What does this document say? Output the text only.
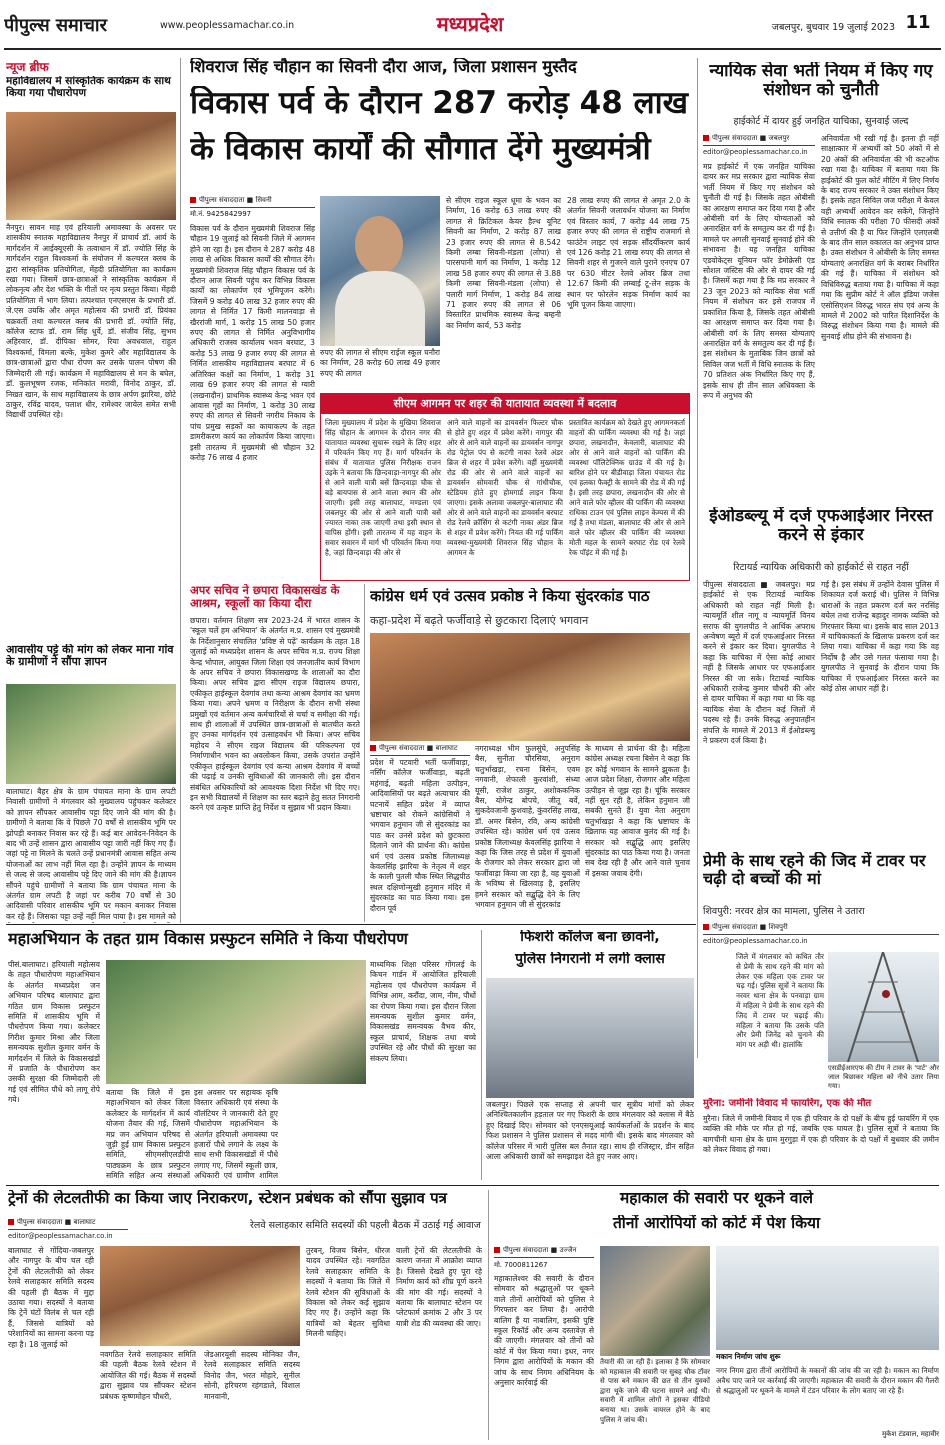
पीपुल्स समाचार	www.peoplessamachar.co.in	मध्यप्रदेश	जबलपुर, बुधवार 19 जुलाई 2023 11
न्यूज ब्रीफ
महाविद्यालय में सांस्कृतिक कार्यक्रम के साथ किया गया पौधारोपण
नैनपुर। सावन माह एवं हरियाली अमावस्या के अवसर पर शासकीय स्नातक महाविद्यालय नैनपुर में प्राचार्य डॉ. आर्य के मार्गदर्शन में आईक्यूएसी के तत्वाधान में डॉ. ज्योति सिंह के मार्गदर्शन राहुल विश्वकर्मा के संयोजन में कल्चरल क्लब के द्वारा सांस्कृतिक प्रतियोगिता, मेंहदी प्रतियोगिता का कार्यक्रम रखा गया। जिसमें छात्र-छात्राओं ने सांस्कृतिक कार्यक्रम में लोकनृत्य और देश भक्ति के गीतों पर नृत्य प्रस्तुत किया। मेंहदी प्रतियोगिता में भाग लिया। तत्पश्चात एनएसएस के प्रभारी डॉ. जे.एस उयकि और अमृत महोत्सव की प्रभारी डॉ. प्रियंका चक्रवर्ती तथा कल्चरल क्लब की प्रभारी डॉ. ज्योति सिंह, कॉलेज स्टाफ डॉ. राम सिंह धुर्वे, डॉ. संजीव सिंह, सुभम अहिरवार, डॉ. दीपिका सोमर, रिया अवधवाल, राहुल विश्वकर्मा, विमला बल्के, मुकेश कुमरे और महाविद्यालय के छात्र-छात्राओं द्वारा पौधा रोपण कर उसके पालन पोषण की जिम्मेदारी ली गई। कार्यक्रम में महाविद्यालय से मन के बघेल, डॉ. कुलभूषण रजक, मनिकांत मरावी, विनोद ठाकुर, डॉ. निखत खान, के साथ महाविद्यालय के छात्र अर्पण झारिया, छोटे ठाकुर, रविंद्र यादव, पलाश धीर, रामेश्वर जायेल समेत सभी विद्यार्थी उपस्थित रहे।
आवासीय पट्टे की मांग को लेकर माना गांव के ग्रामीणों ने सौंपा ज्ञापन
बालाघाट। बैहर क्षेत्र के ग्राम पंचायत माना के ग्राम लपटी निवासी ग्रामीणों ने मंगलवार को मुख्यालय पहुंचकर कलेक्टर को ज्ञापन सौंपकर आवासीय पट्टा दिए जाने की मांग की है। ग्रामीणों ने बताया कि वे पिछले 70 वर्षों से शासकीय भूमि पर झोपड़ी बनाकर निवास कर रहे हैं। कई बार आवेदन-निवेदन के बाद भी उन्हें शासन द्वारा आवासीय पट्टा जारी नहीं किए गए हैं। जहां पट्टे ना मिलने के चलते उन्हें प्रधानमंत्री आवास सहित अन्य योजनाओं का लाभ नहीं मिल रहा है। उन्होंने ज्ञापन के माध्यम से जल्द से जल्द आवासीय पट्टे दिए जाने की मांग की है।ज्ञापन सौंपने पहुंचे ग्रामीणों ने बताया कि ग्राम पंचायत माना के अंतर्गत ग्राम लपटी है जहां पर करीब 70 वर्षों से 30 आदिवासी परिवार शासकीय भूमि पर मकान बनाकर निवास कर रहे हैं। जिसका पट्टा उन्हें नहीं मिल पाया है। इस मामले को
शिवराज सिंह चौहान का सिवनी दौरा आज, जिला प्रशासन मुस्तैद
विकास पर्व के दौरान 287 करोड़ 48 लाख
के विकास कार्यों की सौगात देंगे मुख्यमंत्री
पीपुल्स संवाददाता ■ सिवनी
मो.नं. 9425842997
विकास पर्व के दौरान मुख्यमंत्री शिवराज सिंह चौहान 19 जुलाई को सिवनी जिले में आगमन होने जा रहा है। इस दौरान वे 287 करोड़ 48 लाख से अधिक विकास कार्यों की सौगात देंगे। मुख्यमंत्री शिवराज सिंह चौहान विकास पर्व के दौरान आज सिवनी पहुंच कर विभिन्न विकास कार्यों का लोकार्पण एवं भूमिपूजन करेंगे। जिसमें 9 करोड़ 40 लाख 32 हजार रुपए की लागत से निर्मित 17 किमी मालनवाड़ा से खैररांजी मार्ग, 1 करोड़ 15 लाख 50 हजार रुपए की लागत से निर्मित अनुविभागीय अधिकारी राजस्व कार्यालय भवन बरघाट, 3 करोड़ 53 लाख 9 हजार रुपए की लागत से निर्मित शासकीय महाविद्यालय बरघाट में 6 अतिरिक्त कक्षों का निर्माण, 1 करोड़ 31 लाख 69 हजार रुपए की लागत से ग्यारी (लखनादौन) प्राथमिक स्वास्थ्य केन्द्र भवन एवं आवास गृहों का निर्माण, 1 करोड़ 30 लाख रुपए की लागत से सिवनी नगरीय निकाय के पांच प्रमुख सड़कों का कायाकल्प के तहत डामरीकरण कार्य का लोकार्पण किया जाएगा। इसी तारतम्य में मुख्यमंत्री श्री चौहान 32 करोड़ 76 लाख 4 हजार
रुपए की लागत से सीएम राईज स्कूल घनौरा का निर्माण, 28 करोड़ 60 लाख 49 हजार रुपए की लागत
से सीएम राइज स्कूल धूमा के भवन का निर्माण, 16 करोड़ 63 लाख रुपए की लागत से क्रिटिकल केयर हैल्थ यूनिट सिवनी का निर्माण, 2 करोड़ 87 लाख 23 हजार रुपए की लागत से 8.542 किमी लम्बा सिवनी-मंडला (लोपा) से पारसपानी मार्ग का निर्माण, 1 करोड़ 12 लाख 58 हजार रुपए की लागत से 3.88 किमी लम्बा सिवनी-मंडला (लोपा) से पलारी मार्ग निर्माण, 1 करोड़ 84 लाख 71 हजार रुपए की लागत से 06 विस्तारित प्राथमिक स्वास्थ्य केन्द्र बम्हनी का निर्माण कार्य, 53 करोड़
28 लाख रुपए की लागत से अमृत 2.0 के अंतर्गत सिवनी जलावर्धन योजना का निर्माण एवं विस्तार कार्य, 7 करोड़ 44 लाख 75 हजार रुपए की लागत से राष्ट्रीय राजमार्ग से फाउंटेन लाइट एवं सड़क सौंदर्यीकरण कार्य एवं 126 करोड़ 21 लाख रुपए की लागत से सिवनी शहर से गुजरने वाले पुराने एनएच 07 पर 630 मीटर रेलवे ओवर ब्रिज तथा 12.67 किमी की लम्बाई टू-लेन सड़क के स्थान पर फोरलेन सड़क निर्माण कार्य का भूमि पूजन किया जाएगा।
सीएम आगमन पर शहर की यातायात व्यवस्था में बदलाव
जिला मुख्यालय में प्रदेश के मुखिया शिवराज सिंह चौहान के आगमन के दौरान नगर की यातायात व्यवस्था सुचारू रखने के लिए शहर में परिवर्तन किए गए हैं। मार्ग परिवर्तन के संबंध में यातायात पुलिस निरीक्षक राजन उइके ने बताया कि छिन्दवाड़ा-नागपुर की ओर से आने वाली यात्री बसें छिन्दवाड़ा चौक से बड़े बायपास से आने वाला स्थान की ओर जाएगी। इसी तरह बालाघाट, मण्डला एवं जबलपुर की ओर से आने वाली यात्री बसें ज्यारत नाका तक जाएगी तथा इसी स्थान से वापिस होंगी। इसी तारतम्य में यह वाहन के सवार सवारन में मार्ग भी परिवर्तन किया गया है, जहां छिन्दवाड़ा की ओर से
आने वाले वाहनों का डायवर्सन फिल्टर चौक से होते हुए शहर में प्रवेश करेंगे। नागपुर की ओर से आने वाले वाहनों का डायवर्सन नागपुर रोड पेट्रोल पंप से कटंगी नाका रेलवे अंडर ब्रिज से शहर में प्रवेश करेंगे। वहीं मुख्यमंत्री रोड की ओर से आने वाले वाहनों का डायवर्सन सोमवारी चौक से गांधीचौक, स्टेडियम होते हुए होमगार्ड लाइन किया जाएगा। इसके अलावा जबलपुर-बालाघाट की ओर से आने वाले वाहनों का डायवर्सन बरघाट रोड रेलवे क्रॉसिंग से कटंगी नाका अंडर ब्रिज से शहर में प्रवेश करेंगे। नियत की गई पार्किंग व्यवस्था-मुख्यमंत्री शिवराज सिंह चौहान के आगमन के
प्रस्तावित कार्यक्रम को देखते हुए आगमनकर्ता वाहनों की पार्किंग व्यवस्था की गई है। जहां छपारा, लखनादौन, केवलारी, बालाघाट की ओर से आने वाले वाहनों को पार्किंग की व्यवस्था पॉलिटेक्निक ग्राउंड में की गई है। बारिश होने पर बीडीवाड़ा जिला पंचायत रोड एवं हलका फैक्ट्री के सामने की रोड में की गई है। इसी तरह छपारा, लखनादौन की ओर से आने वाले फोर व्हीलर की पार्किंग की व्यवस्था राधिका टाउन एवं पुलिस लाइन केम्पस में की गई है तथा मंडला, बालाघाट की ओर से आने वाले फोर व्हीलर की पार्किंग की व्यवस्था मोती महल के सामने बरघाट रोड एवं रेलवे रेक पॉइंट में की गई है।
अपर सचिव ने छपारा विकासखंड के आश्रम, स्कूलों का किया दौरा
छपारा। वर्तमान शिक्षण सत्र 2023-24 में भारत शासन के 'स्कूल चलें हम अभियान' के अंतर्गत म.प्र. शासन एवं मुख्यमंत्री के निर्देशानुसार संचालित 'प्रविष्ट से पढ़ें' कार्यक्रम के तहत 18 जुलाई को मध्यप्रदेश शासन के अपर सचिव म.प्र. राज्य शिक्षा केन्द्र भोपाल, आयुक्त जिला शिक्षा एवं जनजातीय कार्य विभाग के अपर सचिव ने छपारा विकासखण्ड के शालाओं का दौरा किया। अपर सचिव द्वारा सीएम राइज विद्यालय छपारा, एकीकृत हाईस्कूल देवगांव तथा कन्या आश्रम देवगांव का भ्रमण किया गया। अपने भ्रमण व निरीक्षण के दौरान सभी संस्था प्रमुखों एवं वर्तमान अन्य कर्मचारियों से चर्चा व समीक्षा की गई। साथ ही शालाओं में उपस्थित छात्र-छात्राओं से बातचीत करते हुए उनका मार्गदर्शन एवं उत्साहवर्धन भी किया। अपर सचिव महोदय ने सीएम राइज विद्यालय की परिकल्पना एवं निर्माणाधीन भवन का अवलोकन किया, उसके उपरांत उन्होंने एकीकृत हाईस्कूल देवगांव एवं कन्या आश्रम देवगांव में बच्चों की पढ़ाई व उनकी सुविधाओं की जानकारी ली। इस दौरान संबंधित अधिकारियों को आवश्यक दिशा निर्देश भी दिए गए। इन सभी विद्यालयों में शिक्षण का स्तर बढ़ाने हेतु सतत निगरानी करने एवं उत्कृष्ट प्राप्ति हेतु निर्देश व सुझाव भी प्रदान किया।
कांग्रेस धर्म एवं उत्सव प्रकोष्ठ ने किया सुंदरकांड पाठ
कहा-प्रदेश में बढ़ते फर्जीवाड़े से छुटकारा दिलाएं भगवान
पीपुल्स संवाददाता ■ बालाघाट
प्रदेश में पटवारी भर्ती फर्जीवाड़ा, नर्सिंग कॉलेज फर्जीवाड़ा, बढ़ती महंगाई, बढ़ती महिला उत्पीड़न, आदिवासियों पर बढ़ते अत्याचार की घटनायें सहित प्रदेश में व्याप्त भ्रष्टाचार को रोकने कांग्रेसियों ने भगवान हनुमान जी से सुंदरकांड का पाठ कर उनसे प्रदेश को छुटकारा दिलाने जाने की प्रार्थना की। कांग्रेस धर्म एवं उत्सव प्रकोष्ठ जिलाध्यक्ष केवलसिंह झारिया के नेतृत्व में शहर के काली पुतली चौक स्थित सिद्धपीठ स्थल दक्षिणोन्मुखी हनुमान मंदिर में सुंदरकांड का पाठ किया गया। इस दौरान पूर्व
नगराध्यक्ष भीम फुलसुंघे, अनुपसिंह बैस, सुनीता चौरसिया, अनुराग चतुर्भाखड़ा, रचना बिसेन, एवम नगवानी, शेफाली कुरवांशी, संध्या यूसी, राजेश ठाकुर, अशोककनिक बैस, योगेन्द्र बोपचे, जीतू बर्वे, सुकदेवजानी कुशवाहे, कुंवरसिंह लाख, डॉ. अमर बिसेन, रवि, अन्य कांग्रेसी उपस्थित रहे। कांग्रेस धर्म एवं उत्सव प्रकोष्ठ जिलाध्यक्ष केवलसिंह झारिया ने कहा कि जिस तरह से प्रदेश में युवाओं के रोजगार को लेकर सरकार द्वारा जो फर्जीवाड़ा किया जा रहा है, वह युवाओं के भविष्य से खिलवाड़ है, इसलिए हमने सरकार को सद्बुद्धि देने के लिए भगवान हनुमान जी से सुंदरकांड
के माध्यम से प्रार्थना की है। महिला कांग्रेस अध्यक्ष रचना बिसेन ने कहा कि हर कोई भगवान के सामने झुकता है। आज प्रदेश शिक्षा, रोजगार और महिला उत्पीड़न से जूझ रहा है। चूंकि सरकार नहीं सुन रही है, लेकिन हनुमान जी सबकी सुनते हैं। युवा नेता अनुराग चतुर्भाखड़ा ने कहा कि भ्रष्टाचार के खिलाफ यह आवाज बुलंद की गई है। सरकार को सद्बुद्धि आए इसलिए सुंदरकांड का पाठ किया गया है। जनता सब देख रही है और आने वाले चुनाव में इसका जवाब देगी।
न्यायिक सेवा भर्ती नियम में किए गए संशोधन को चुनौती
हाईकोर्ट में दायर हुई जनहित याचिका, सुनवाई जल्द
पीपुल्स संवाददाता ■ जबलपुर
editor@peoplessamachar.co.in
मप्र हाईकोर्ट में एक जनहित याचिका दायर कर मप्र सरकार द्वारा न्यायिक सेवा भर्ती नियम में किए गए संशोधन को चुनौती दी गई है। जिसके तहत ओबीसी का आरक्षण समाप्त कर दिया गया है और ओबीसी वर्ग के लिए योग्यताओं को अनारक्षित वर्ग के समतुल्य कर दी गई है। मामले पर अगली सुनवाई सुनवाई होने की संभावना है। यह जनहित याचिका एडवोकेट्स यूनियन फॉर डेमोक्रेसी एंड सोशल जस्टिस की ओर से दायर की गई है। जिसमें कहा गया है कि मप्र सरकार ने 23 जून 2023 को न्यायिक सेवा भर्ती नियम में संशोधन कर इसे राजपत्र में प्रकाशित किया है, जिसके तहत ओबीसी का आरक्षण समाप्त कर दिया गया है। ओबीसी वर्ग के लिए समस्त योग्यताएं अनारक्षित वर्ग के समतुल्य कर दी गई हैं। इस संशोधन के मुताबिक जिन छात्रों को सिविल जज भर्ती में विधि स्नातक के लिए 70 प्रतिशत अंक निर्धारित किए गए हैं, इसके साथ ही तीन साल अधिवक्ता के रूप में अनुभव की
अनिवार्यता भी रखी गई है। इतना ही नहीं साक्षात्कार में अभ्यर्थी को 50 अंकों में से 20 अंकों की अनिवार्यता की भी कटऑफ रखा गया है। याचिका में बताया गया कि हाईकोर्ट की फुल कोर्ट मीटिंग में लिए निर्णय के बाद राज्य सरकार ने उक्त संशोधन किए हैं। इसके तहत सिविल जज परीक्षा में केवल वही अभ्यर्थी आवेदन कर सकेंगे, जिन्होंने विधि स्नातक की परीक्षा 70 फीसदी अंकों से उत्तीर्ण की है या फिर जिन्होंने एलएलबी के बाद तीन साल वकालत का अनुभव प्राप्त है। उक्त संशोधन ने ओबीसी के लिए समस्त योग्यताएं अनारक्षित वर्ग के बराबर निर्धारित की गई हैं। याचिका में संशोधन को विधिविरुद्ध बताया गया है। याचिका में कहा गया कि सुप्रीम कोर्ट ने ऑल इंडिया जजेस एसोसिएशन विरुद्ध भारत संघ एवं अन्य के मामले में 2002 को पारित दिशानिर्देश के विरुद्ध संशोधन किया गया है। मामले की सुनवाई शीघ्र होने की संभावना है।
ईओडब्ल्यू में दर्ज एफआईआर निरस्त करने से इंकार
रिटायर्ड न्यायिक अधिकारी को हाईकोर्ट से राहत नहीं
पीपुल्स संवाददाता ■ जबलपुर। मप्र हाईकोर्ट से एक रिटायर्ड न्यायिक अधिकारी को राहत नहीं मिली है। न्यायमूर्ति शील नागू व न्यायमूर्ति विनय सराफ की युगलपीठ ने आर्थिक अपराध अन्वेषण ब्यूरो में दर्ज एफआईआर निरस्त करने से इंकार कर दिया। युगलपीठ ने कहा कि याचिका में ऐसा कोई आधार नहीं है जिसके आधार पर एफआईआर निरस्त की जा सके। रिटायर्ड न्यायिक अधिकारी राजेन्द्र कुमार चौधरी की ओर से दायर याचिका में कहा गया था कि वह न्यायिक सेवा के दौरान कई जिलों में पदस्थ रहे हैं। उनके विरुद्ध अनुपातहीन संपत्ति के मामले में 2013 में ईओडब्ल्यू ने प्रकरण दर्ज किया है।
गई है। इस संबंध में उन्होंने देवास पुलिस में शिकायत दर्ज कराई थी। पुलिस ने विभिन्न धाराओं के तहत प्रकरण दर्ज कर नरसिंह बघेल तथा राजेन्द्र बहादुर नामक व्यक्ति को गिरफ्तार किया था। इसके बाद साल 2013 में याचिकाकर्ता के खिलाफ प्रकरण दर्ज कर लिया गया। याचिका में कहा गया कि वह निर्दोष है और उसे गलत फंसाया गया है। युगलपीठ ने सुनवाई के दौरान पाया कि याचिका में एफआईआर निरस्त करने का कोई ठोस आधार नहीं है।
प्रेमी के साथ रहने की जिद में टावर पर चढ़ी दो बच्चों की मां
शिवपुरी: नरवर क्षेत्र का मामला, पुलिस ने उतारा
पीपुल्स संवाददाता ■ शिवपुरी
editor@peoplessamachar.co.in
जिले में मंगलवार को कथित तौर से प्रेमी के साथ रहने की मांग को लेकर एक महिला एक टावर पर चढ़ गई। पुलिस सूत्रों ने बताया कि नरवर थाना क्षेत्र के पनवाड़ा ग्राम में महिला ने प्रेमी के साथ रहने की जिद में टावर पर चढ़ाई की। महिला ने बताया कि उसके पति और प्रेमी जिनेंद्र को चुनाने की मांग पर अड़ी थी। हालांकि
एसडीईआरएफ की टीम ने टावर के 'पार्ट' और जाल बिछाकर महिला को नीचे उतार लिया गया।
मुरैना: जमीनी विवाद में फायरिंग, एक की मौत
मुरैना। जिले में जमीनी विवाद में एक ही परिवार के दो पक्षों के बीच हुई फायरिंग में एक व्यक्ति की मौके पर मौत हो गई, जबकि एक घायल है। पुलिस सूत्रों ने बताया कि बागचीनी थाना क्षेत्र के ग्राम मुरगुड़ा में एक ही परिवार के दो पक्षों में बुधवार की जमीन को लेकर विवाद हो गया।
महाअभियान के तहत ग्राम विकास प्रस्फुटन समिति ने किया पौधरोपण
पीसं.बालाघाट। हरियाली महोत्सव के तहत पौधारोपण महाअभियान के अंतर्गत मध्यप्रदेश जन अभियान परिषद बालाघाट द्वारा गठित ग्राम विकास प्रस्फुटन समिति में शासकीय भूमि में पौधरोपण किया गया। कलेक्टर गिरीश कुमार मिश्रा और जिला समन्वयक सुशील कुमार वर्मन के मार्गदर्शन में जिले के विकासखंडों में प्रजाति के पौधारोपण कर उसकी सुरक्षा की जिम्मेदारी ली गई एवं सीमित पौधे को लागू रोपे गये।
बताया कि जिले में इस महाअभियान को लेकर जिला कलेक्टर के मार्गदर्शन में कार्य योजना तैयार की गई, जिसमें मप्र जन अभियान परिषद से जुड़ी हुई ग्राम विकास प्रस्फुटन समिति, सीएमसीएलडीपी पाठ्यक्रम के छात्र प्रस्फुटन समिति सहित अन्य संस्थाओं
इस अवसर पर सहायक कृषि विस्तार अधिकारी एवं संस्था के वॉलंटियर ने जानकारी देते हुए पौधारोपण महाअभियान के अंतर्गत हरियाली अमावस्या पर हजारों पौधे लगाने के लक्ष्य के साथ सभी विकासखंडों में पौधे लगाए गए, जिसमें स्कूली छात्र, अधिकारी एवं ग्रामीण शामिल
माध्यमिक शिक्षा परिसर गोंगलई के किचन गार्डन में आयोजित हरियाली महोत्सव एवं पौधरोपण कार्यक्रम में विभिन्न आम, करौंदा, जाम, नीम, पौधों का रोपण किया गया। इस दौरान जिला समन्वयक सुशील कुमार वर्मन, विकासखंड समन्वयक वैभव कीर, स्कूल प्राचार्य, शिक्षक तथा बच्चे उपस्थित रहे और पौधों की सुरक्षा का संकल्प लिया।
फिशरी कॉलेज बना छावनी,
पुलिस निगरानी में लगी क्लास
जबलपुर। पिछले एक सप्ताह से अपनी चार सूत्रीय मांगों को लेकर अनिश्चितकालीन हड़ताल पर गए फिशरी के छात्र मंगलवार को क्लास में बैठे हुए दिखाई दिए। सोमवार को एनएसयूआई कार्यकर्ताओं के प्रदर्शन के बाद फिश प्रशासन ने पुलिस प्रशासन से मदद मांगी थी। इसके बाद मंगलवार को कॉलेज परिसर में भारी पुलिस बल तैनात रहा। साथ ही रजिस्ट्रार, डीन सहित आला अधिकारी छात्रों को समझाइश देते हुए नजर आए।
ट्रेनों की लेटलतीफी का किया जाए निराकरण, स्टेशन प्रबंधक को सौंपा सुझाव पत्र
रेलवे सलाहकार समिति सदस्यों की पहली बैठक में उठाई गई आवाज
पीपुल्स संवाददाता ■ बालाघाट
editor@peoplessamachar.co.in
बालाघाट से गोंदिया-जबलपुर और नागपुर के बीच चल रही ट्रेनों की लेटलतीफी को लेकर रेलवे सलाहकार समिति सदस्य की पहली ही बैठक में मुद्दा उठाया गया। सदस्यों ने बताया कि ट्रेनें घंटों विलंब से चल रही हैं, जिससे यात्रियों को परेशानियों का सामना करना पड़ रहा है। 18 जुलाई को
नवगठित रेलवे सलाहकार समिति की पहली बैठक रेलवे स्टेशन में आयोजित की गई। बैठक में सदस्यों द्वारा सुझाव पत्र सौंपकर स्टेशन प्रबंधक कृष्णमोहन चौधरी,
जेडआरयूसी सदस्य मोनिका जैन, रेलवे सलाहकार समिति सदस्य विनोद जैन, भरत मोहारे, सुनील सोनी, हरिचरण रहंगडाले, विशाल मानवानी,
तुरबन्, विजय बिसेन, धीरज यादव उपस्थित रहे। नवगठित रेलवे सलाहकार समिति के सदस्यों ने बताया कि जिले में रेलवे स्टेशन की सुविधाओं के विकास को लेकर कई सुझाव दिए गए हैं। उन्होंने कहा कि यात्रियों को बेहतर सुविधा मिलनी चाहिए।
वाली ट्रेनों की लेटलतीफी के कारण जनता में आक्रोश व्याप्त है। जिससे देखते हुए पूरा रहे निर्माण कार्य को शीघ्र पूर्ण करने की मांग की गई। सदस्यों ने बताया कि बालाघाट स्टेशन पर प्लेटफार्म क्रमांक 2 और 3 पर यात्री शेड की व्यवस्था की जाए।
महाकाल की सवारी पर थूकने वाले
तीनों आरोपियों को कोर्ट में पेश किया
पीपुल्स संवाददाता ■ उज्जैन
मो. 7000811267
महाकालेश्वर की सवारी के दौरान सोमवार को श्रद्धालुओं पर थूकने वाले तीनों आरोपियों को पुलिस ने गिरफ्तार कर लिया है। आरोपी बालिग हैं या नाबालिग, इसकी पुष्टि स्कूल रिकॉर्ड और अन्य दस्तावेज़ से की जाएगी। मंगलवार को तीनों को कोर्ट में पेश किया गया। इधर, नगर निगम द्वारा आरोपियों के मकान की जांच के साथ निगम अधिनियम के अनुसार कार्रवाई की
तैयारी की जा रही है। इलाका है कि सोमवार को महाकाल की सवारी पर सुबह चौक टॉवर से पास बने मकान की छत से तीन युवकों द्वारा थूके जाने की घटना सामने आई थी। सवारी में शामिल लोगों ने इसका वीडियो बनाया था। उसके वायरल होने के बाद पुलिस ने जांच की।
मकान निर्माण जांच शुरू
नगर निगम द्वारा तीनों आरोपियों के मकानों की जांच की जा रही है। मकान का निर्माण अवैध पाए जाने पर कार्रवाई की जाएगी। महाकाल की सवारी के दौरान मकान की गैलरी से श्रद्धालुओं पर थूकने के मामले में टंडन परिवार के लोग बताए जा रहे हैं।
मुकेश टंडवाल, महावीर
